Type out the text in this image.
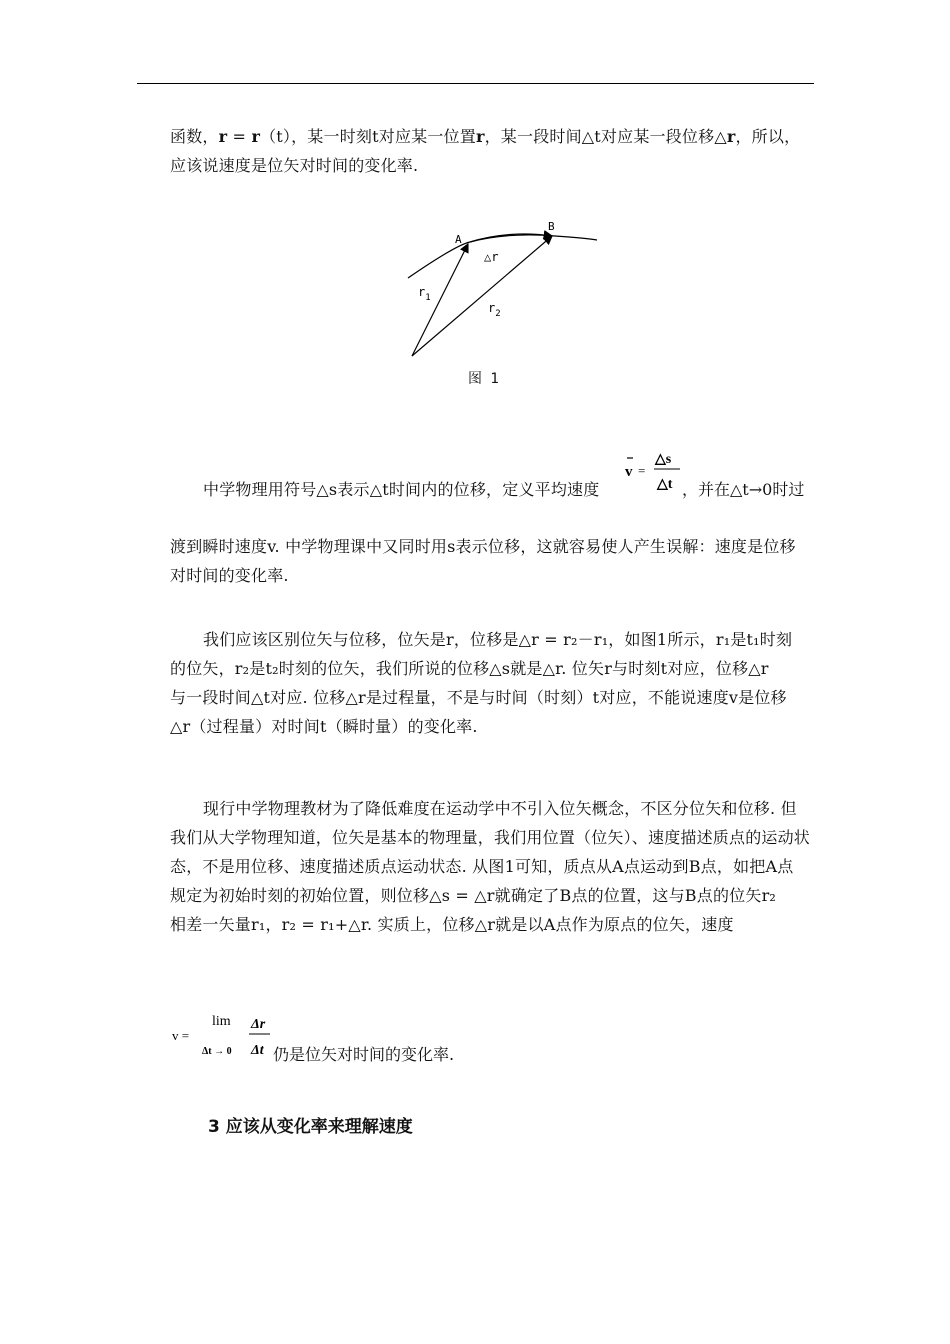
函数，r = r（t），某一时刻t对应某一位置r，某一段时间△t对应某一段位移△r，所以，
应该说速度是位矢对时间的变化率.
A
B
△r
$r_1$
$r_2$
图 1
v =
△s
△t
中学物理用符号△s表示△t时间内的位移，定义平均速度	，并在△t→0时过
渡到瞬时速度v. 中学物理课中又同时用s表示位移，这就容易使人产生误解：速度是位移
对时间的变化率.
我们应该区别位矢与位移，位矢是r，位移是△r = r₂－r₁，如图1所示，r₁是t₁时刻
的位矢，r₂是t₂时刻的位矢，我们所说的位移△s就是△r. 位矢r与时刻t对应，位移△r
与一段时间△t对应. 位移△r是过程量，不是与时间（时刻）t对应，不能说速度v是位移
△r（过程量）对时间t（瞬时量）的变化率.
现行中学物理教材为了降低难度在运动学中不引入位矢概念，不区分位矢和位移. 但
我们从大学物理知道，位矢是基本的物理量，我们用位置（位矢）、速度描述质点的运动状
态，不是用位移、速度描述质点运动状态. 从图1可知，质点从A点运动到B点，如把A点
规定为初始时刻的初始位置，则位移△s = △r就确定了B点的位置，这与B点的位矢r₂
相差一矢量r₁，r₂ = r₁+△r. 实质上，位移△r就是以A点作为原点的位矢，速度
v =
lim Δr
Δt
Δt → 0	仍是位矢对时间的变化率.
3 应该从变化率来理解速度
